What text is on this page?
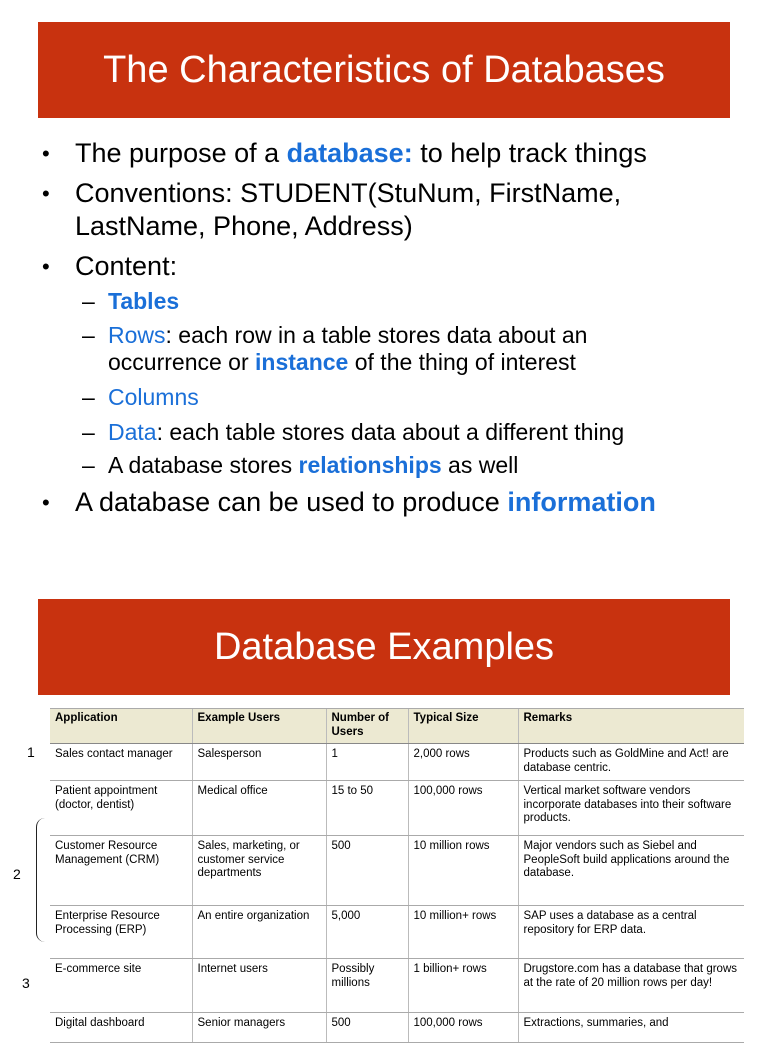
The Characteristics of Databases
• The purpose of a database: to help track things
• Conventions: STUDENT(StuNum, FirstName,
LastName, Phone, Address)
• Content:
– Tables
– Rows: each row in a table stores data about an
occurrence or instance of the thing of interest
– Columns
– Data: each table stores data about a different thing
– A database stores relationships as well
• A database can be used to produce information
Database Examples
1
2
3
Application	Example Users	Number of Users	Typical Size	Remarks
Sales contact manager	Salesperson	1	2,000 rows	Products such as GoldMine and Act! are database centric.
Patient appointment (doctor, dentist)	Medical office	15 to 50	100,000 rows	Vertical market software vendors incorporate databases into their software products.
Customer Resource Management (CRM)	Sales, marketing, or customer service departments	500	10 million rows	Major vendors such as Siebel and PeopleSoft build applications around the database.
Enterprise Resource Processing (ERP)	An entire organization	5,000	10 million+ rows	SAP uses a database as a central repository for ERP data.
E-commerce site	Internet users	Possibly millions	1 billion+ rows	Drugstore.com has a database that grows at the rate of 20 million rows per day!
Digital dashboard	Senior managers	500	100,000 rows	Extractions, summaries, and
